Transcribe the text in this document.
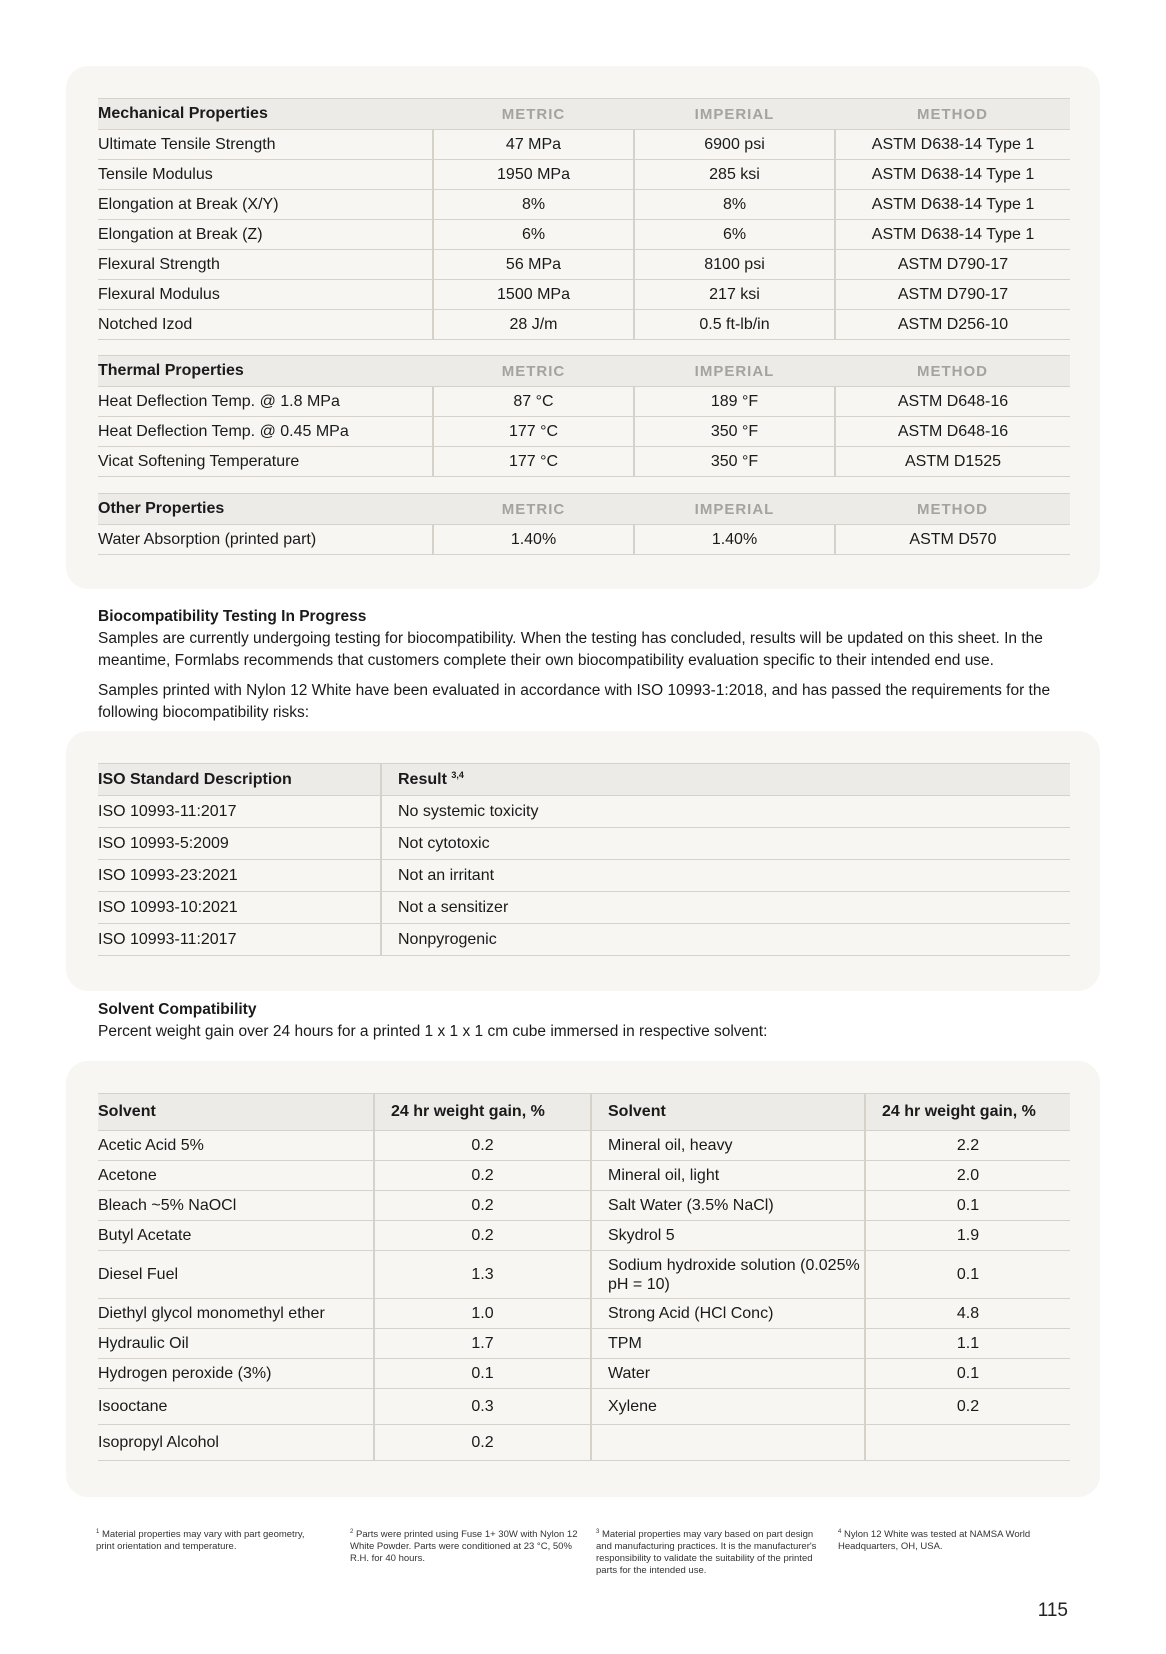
Mechanical Properties	METRIC	IMPERIAL	METHOD
Ultimate Tensile Strength	47 MPa	6900 psi	ASTM D638-14 Type 1
Tensile Modulus	1950 MPa	285 ksi	ASTM D638-14 Type 1
Elongation at Break (X/Y)	8%	8%	ASTM D638-14 Type 1
Elongation at Break (Z)	6%	6%	ASTM D638-14 Type 1
Flexural Strength	56 MPa	8100 psi	ASTM D790-17
Flexural Modulus	1500 MPa	217 ksi	ASTM D790-17
Notched Izod	28 J/m	0.5 ft-lb/in	ASTM D256-10
Thermal Properties	METRIC	IMPERIAL	METHOD
Heat Deflection Temp. @ 1.8 MPa	87 °C	189 °F	ASTM D648-16
Heat Deflection Temp. @ 0.45 MPa	177 °C	350 °F	ASTM D648-16
Vicat Softening Temperature	177 °C	350 °F	ASTM D1525
Other Properties	METRIC	IMPERIAL	METHOD
Water Absorption (printed part)	1.40%	1.40%	ASTM D570
Biocompatibility Testing In Progress
Samples are currently undergoing testing for biocompatibility. When the testing has concluded, results will be updated on this sheet. In the meantime, Formlabs recommends that customers complete their own biocompatibility evaluation specific to their intended end use.
Samples printed with Nylon 12 White have been evaluated in accordance with ISO 10993-1:2018, and has passed the requirements for the following biocompatibility risks:
ISO Standard Description	Result $^{3,4}$
ISO 10993-11:2017	No systemic toxicity
ISO 10993-5:2009	Not cytotoxic
ISO 10993-23:2021	Not an irritant
ISO 10993-10:2021	Not a sensitizer
ISO 10993-11:2017	Nonpyrogenic
Solvent Compatibility
Percent weight gain over 24 hours for a printed 1 x 1 x 1 cm cube immersed in respective solvent:
Solvent	24 hr weight gain, %	Solvent	24 hr weight gain, %
Acetic Acid 5%	0.2	Mineral oil, heavy	2.2
Acetone	0.2	Mineral oil, light	2.0
Bleach ~5% NaOCl	0.2	Salt Water (3.5% NaCl)	0.1
Butyl Acetate	0.2	Skydrol 5	1.9
Diesel Fuel	1.3	Sodium hydroxide solution (0.025% pH = 10)	0.1
Diethyl glycol monomethyl ether	1.0	Strong Acid (HCl Conc)	4.8
Hydraulic Oil	1.7	TPM	1.1
Hydrogen peroxide (3%)	0.1	Water	0.1
Isooctane	0.3	Xylene	0.2
Isopropyl Alcohol	0.2		
$^1$ Material properties may vary with part geometry, print orientation and temperature.
$^2$ Parts were printed using Fuse 1+ 30W with Nylon 12 White Powder. Parts were conditioned at 23 °C, 50% R.H. for 40 hours.
$^3$ Material properties may vary based on part design and manufacturing practices. It is the manufacturer's responsibility to validate the suitability of the printed parts for the intended use.
$^4$ Nylon 12 White was tested at NAMSA World Headquarters, OH, USA.
115
